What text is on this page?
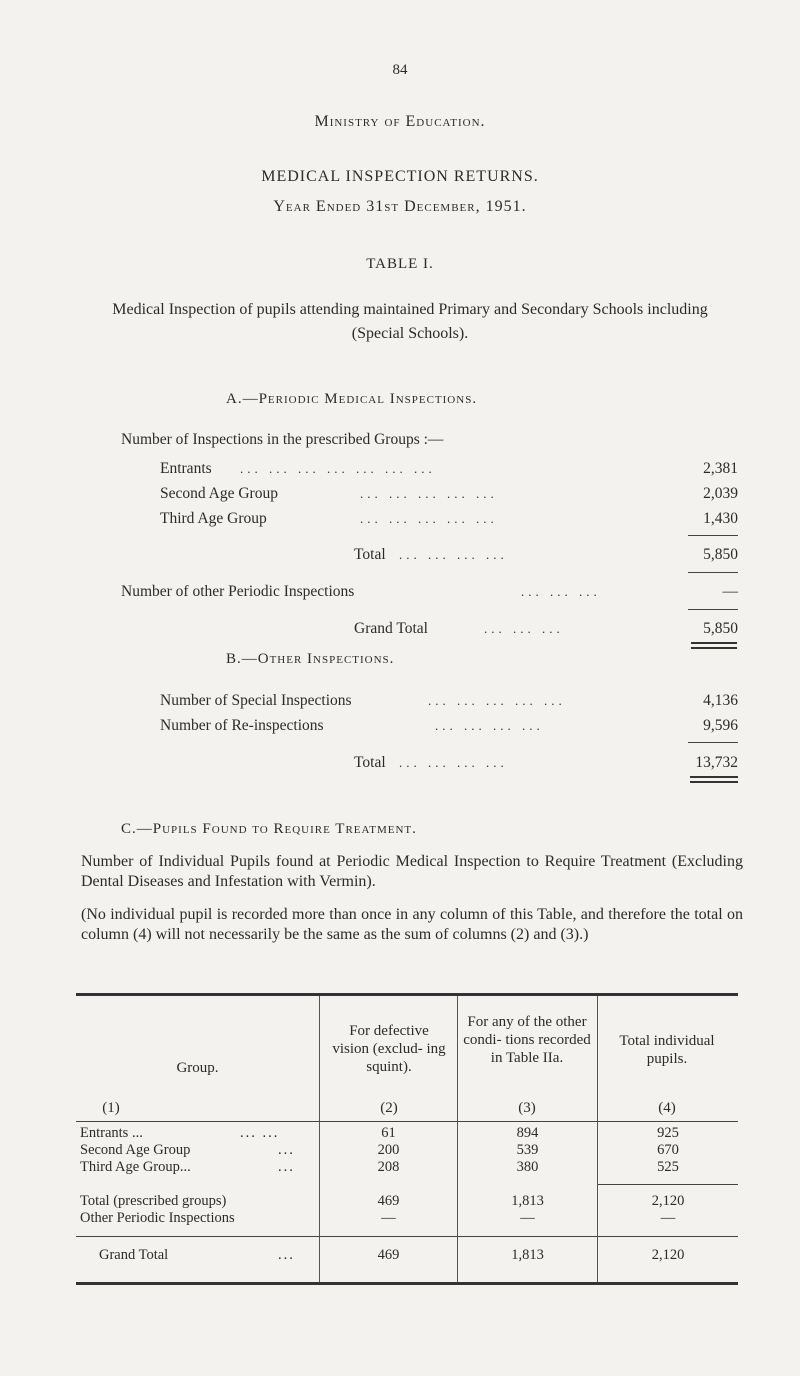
84
Ministry of Education.
MEDICAL INSPECTION RETURNS.
Year Ended 31st December, 1951.
TABLE I.
Medical Inspection of pupils attending maintained Primary and Secondary Schools including (Special Schools).
A.—Periodic Medical Inspections.
Number of Inspections in the prescribed Groups :—
Entrants ... ... ... ... ... ... ...	2,381
Second Age Group	... ... ... ... ...	2,039
Third Age Group	... ... ... ... ...	1,430
Total ... ... ... ...	5,850
Number of other Periodic Inspections	... ... ...	—
Grand Total	... ... ...	5,850
B.—Other Inspections.
Number of Special Inspections	... ... ... ... ...	4,136
Number of Re-inspections	... ... ... ...	9,596
Total ... ... ... ...	13,732
C.—Pupils Found to Require Treatment.
Number of Individual Pupils found at Periodic Medical Inspection to Require Treatment (Excluding Dental Diseases and Infestation with Vermin).
(No individual pupil is recorded more than once in any column of this Table, and therefore the total on column (4) will not necessarily be the same as the sum of columns (2) and (3).)
Group.
For defective vision (exclud- ing squint).
For any of the other condi- tions recorded in Table IIa.
Total individual pupils.
(1)	(2)	(3)	(4)
Entrants ...	... ...	61	894	925
Second Age Group	...	200	539	670
Third Age Group...	...	208	380	525
Total (prescribed groups)	469	1,813	2,120
Other Periodic Inspections	—	—	—
Grand Total	...	469	1,813	2,120
